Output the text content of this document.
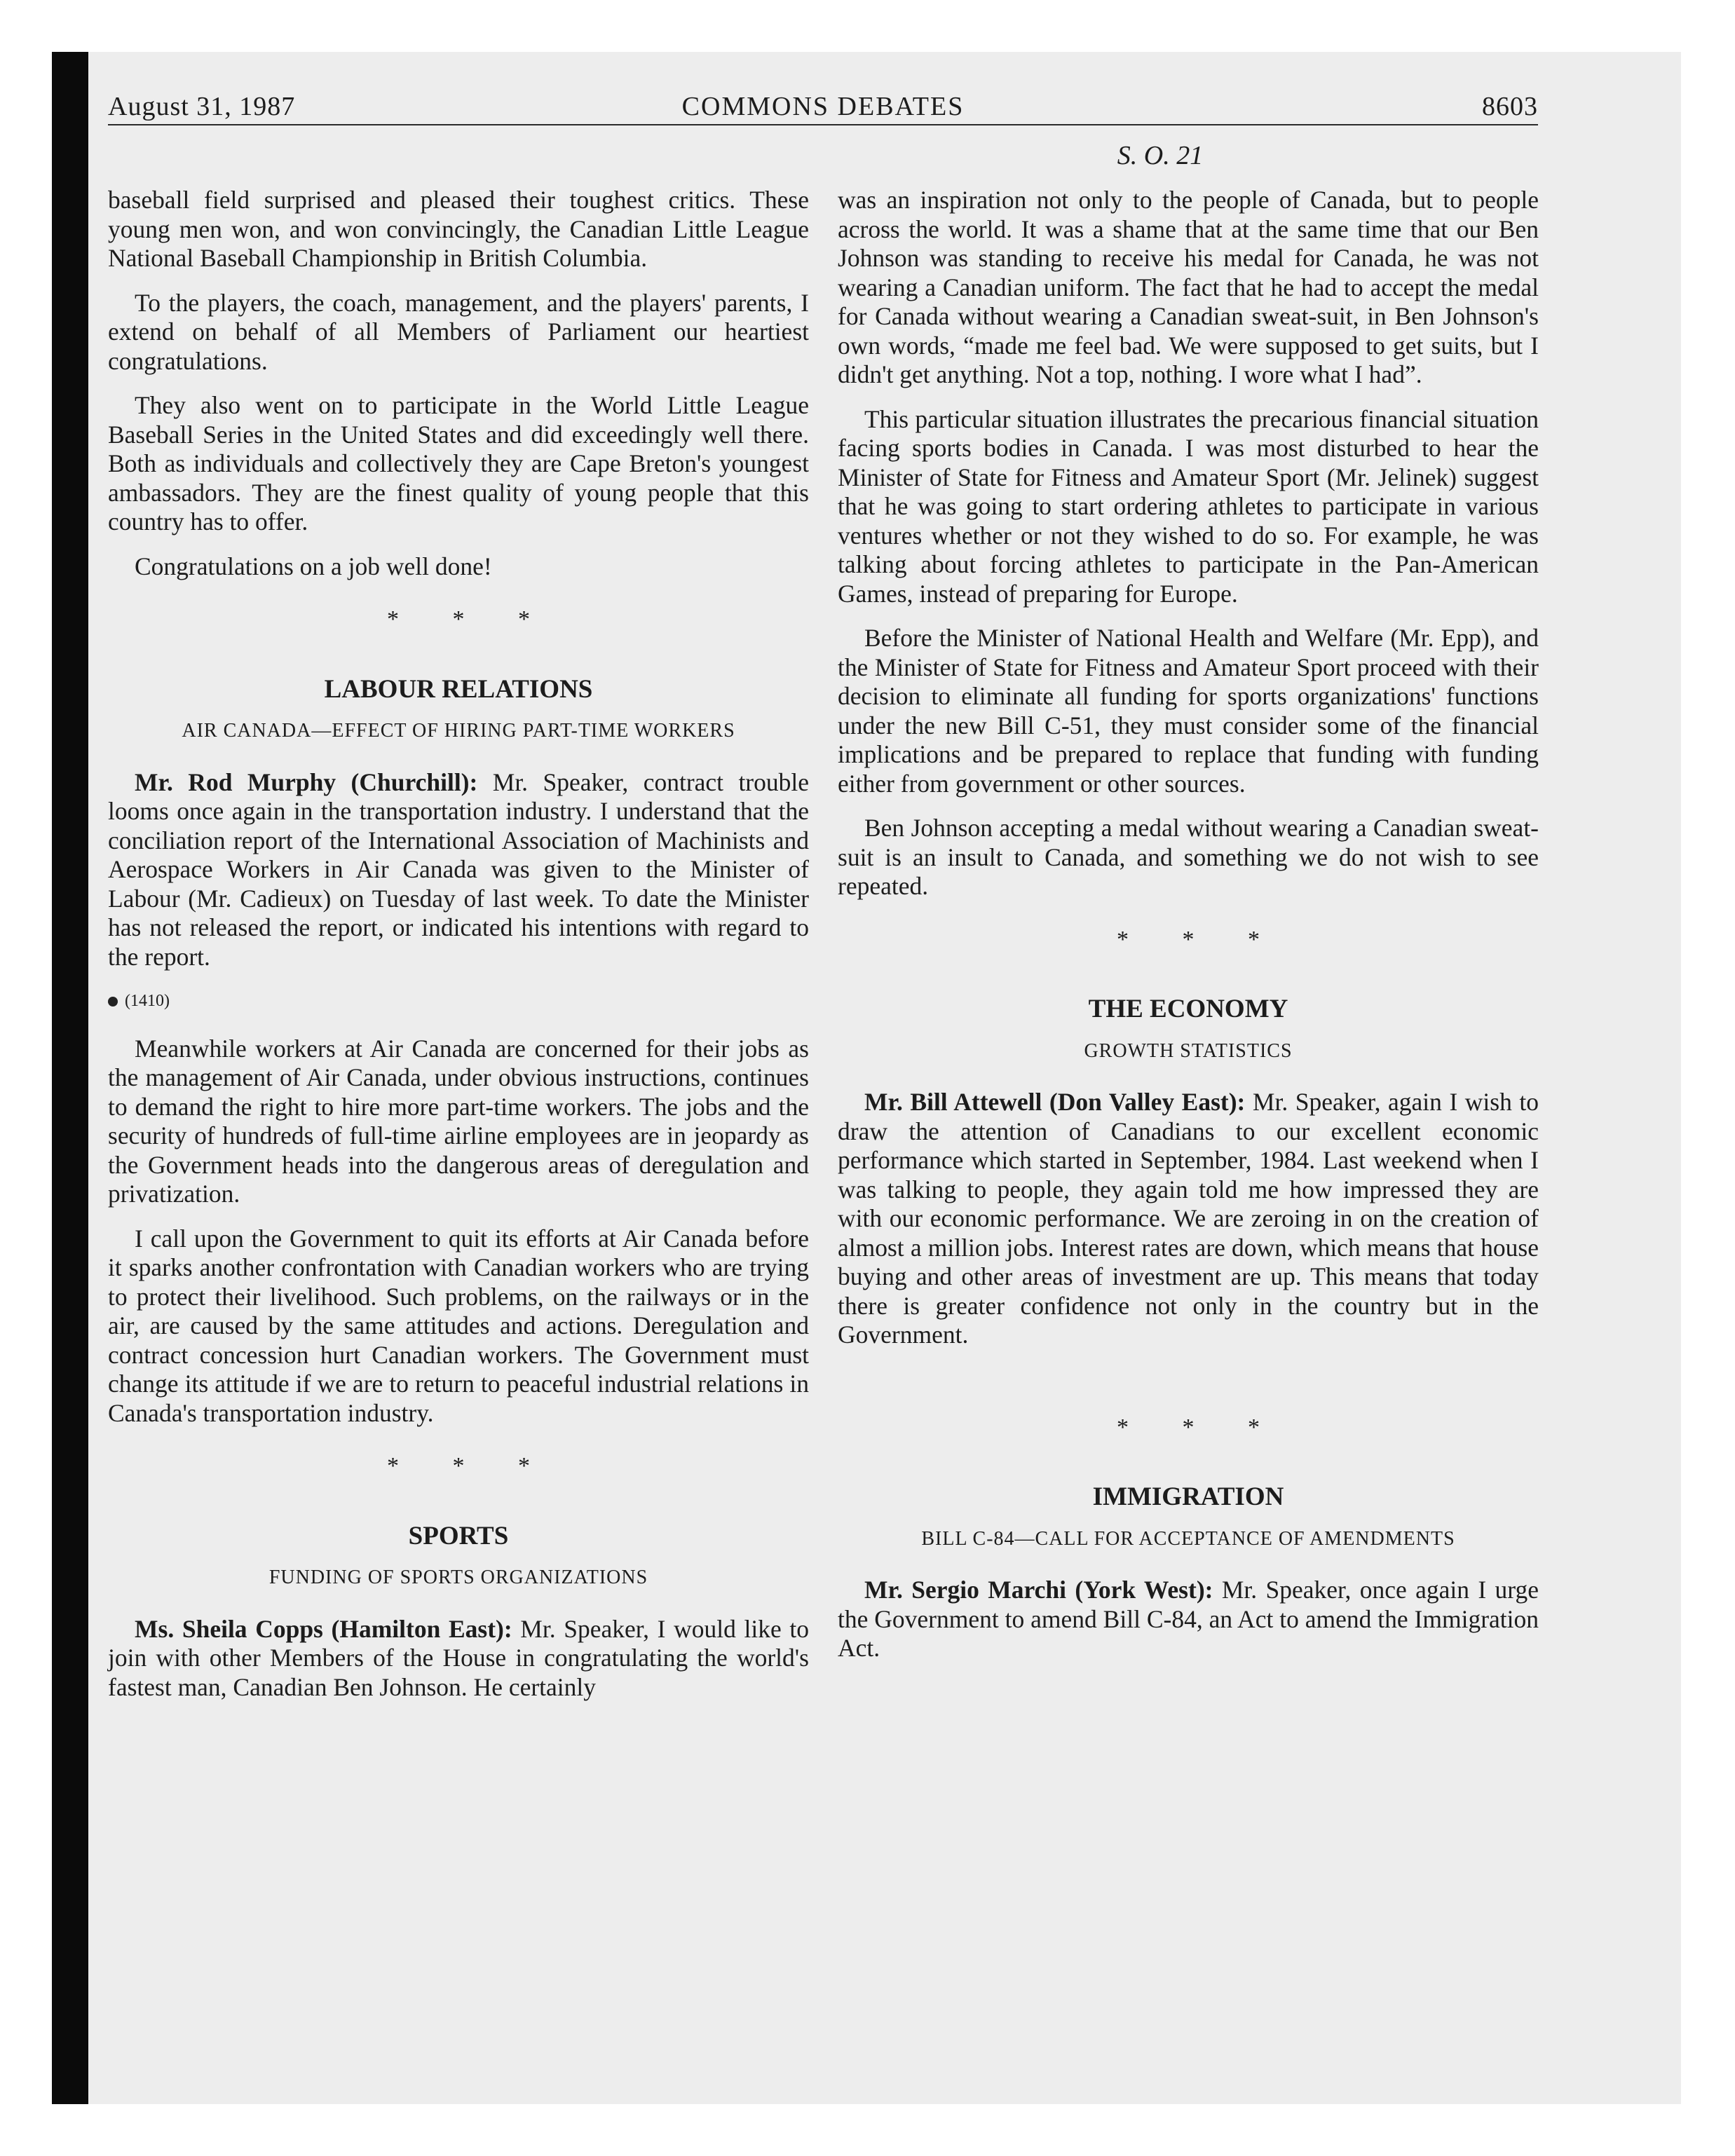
August 31, 1987	COMMONS DEBATES	8603
S. O. 21

baseball field surprised and pleased their toughest critics. These young men won, and won convincingly, the Canadian Little League National Baseball Championship in British Columbia.

To the players, the coach, management, and the players' parents, I extend on behalf of all Members of Parliament our heartiest congratulations.

They also went on to participate in the World Little League Baseball Series in the United States and did exceedingly well there. Both as individuals and collectively they are Cape Breton's youngest ambassadors. They are the finest quality of young people that this country has to offer.

Congratulations on a job well done!

* * *
LABOUR RELATIONS
AIR CANADA—EFFECT OF HIRING PART-TIME WORKERS

Mr. Rod Murphy (Churchill): Mr. Speaker, contract trouble looms once again in the transportation industry. I understand that the conciliation report of the International Association of Machinists and Aerospace Workers in Air Canada was given to the Minister of Labour (Mr. Cadieux) on Tuesday of last week. To date the Minister has not released the report, or indicated his intentions with regard to the report.

(1410)

Meanwhile workers at Air Canada are concerned for their jobs as the management of Air Canada, under obvious instructions, continues to demand the right to hire more part-time workers. The jobs and the security of hundreds of full-time airline employees are in jeopardy as the Government heads into the dangerous areas of deregulation and privatization.

I call upon the Government to quit its efforts at Air Canada before it sparks another confrontation with Canadian workers who are trying to protect their livelihood. Such problems, on the railways or in the air, are caused by the same attitudes and actions. Deregulation and contract concession hurt Canadian workers. The Government must change its attitude if we are to return to peaceful industrial relations in Canada's transportation industry.

* * *
SPORTS
FUNDING OF SPORTS ORGANIZATIONS

Ms. Sheila Copps (Hamilton East): Mr. Speaker, I would like to join with other Members of the House in congratulating the world's fastest man, Canadian Ben Johnson. He certainly

was an inspiration not only to the people of Canada, but to people across the world. It was a shame that at the same time that our Ben Johnson was standing to receive his medal for Canada, he was not wearing a Canadian uniform. The fact that he had to accept the medal for Canada without wearing a Canadian sweat-suit, in Ben Johnson's own words, “made me feel bad. We were supposed to get suits, but I didn't get anything. Not a top, nothing. I wore what I had”.

This particular situation illustrates the precarious financial situation facing sports bodies in Canada. I was most disturbed to hear the Minister of State for Fitness and Amateur Sport (Mr. Jelinek) suggest that he was going to start ordering athletes to participate in various ventures whether or not they wished to do so. For example, he was talking about forcing athletes to participate in the Pan-American Games, instead of preparing for Europe.

Before the Minister of National Health and Welfare (Mr. Epp), and the Minister of State for Fitness and Amateur Sport proceed with their decision to eliminate all funding for sports organizations' functions under the new Bill C-51, they must consider some of the financial implications and be prepared to replace that funding with funding either from government or other sources.

Ben Johnson accepting a medal without wearing a Canadian sweat-suit is an insult to Canada, and something we do not wish to see repeated.

* * *
THE ECONOMY
GROWTH STATISTICS

Mr. Bill Attewell (Don Valley East): Mr. Speaker, again I wish to draw the attention of Canadians to our excellent economic performance which started in September, 1984. Last weekend when I was talking to people, they again told me how impressed they are with our economic performance. We are zeroing in on the creation of almost a million jobs. Interest rates are down, which means that house buying and other areas of investment are up. This means that today there is greater confidence not only in the country but in the Government.

* * *
IMMIGRATION
BILL C-84—CALL FOR ACCEPTANCE OF AMENDMENTS

Mr. Sergio Marchi (York West): Mr. Speaker, once again I urge the Government to amend Bill C-84, an Act to amend the Immigration Act.
